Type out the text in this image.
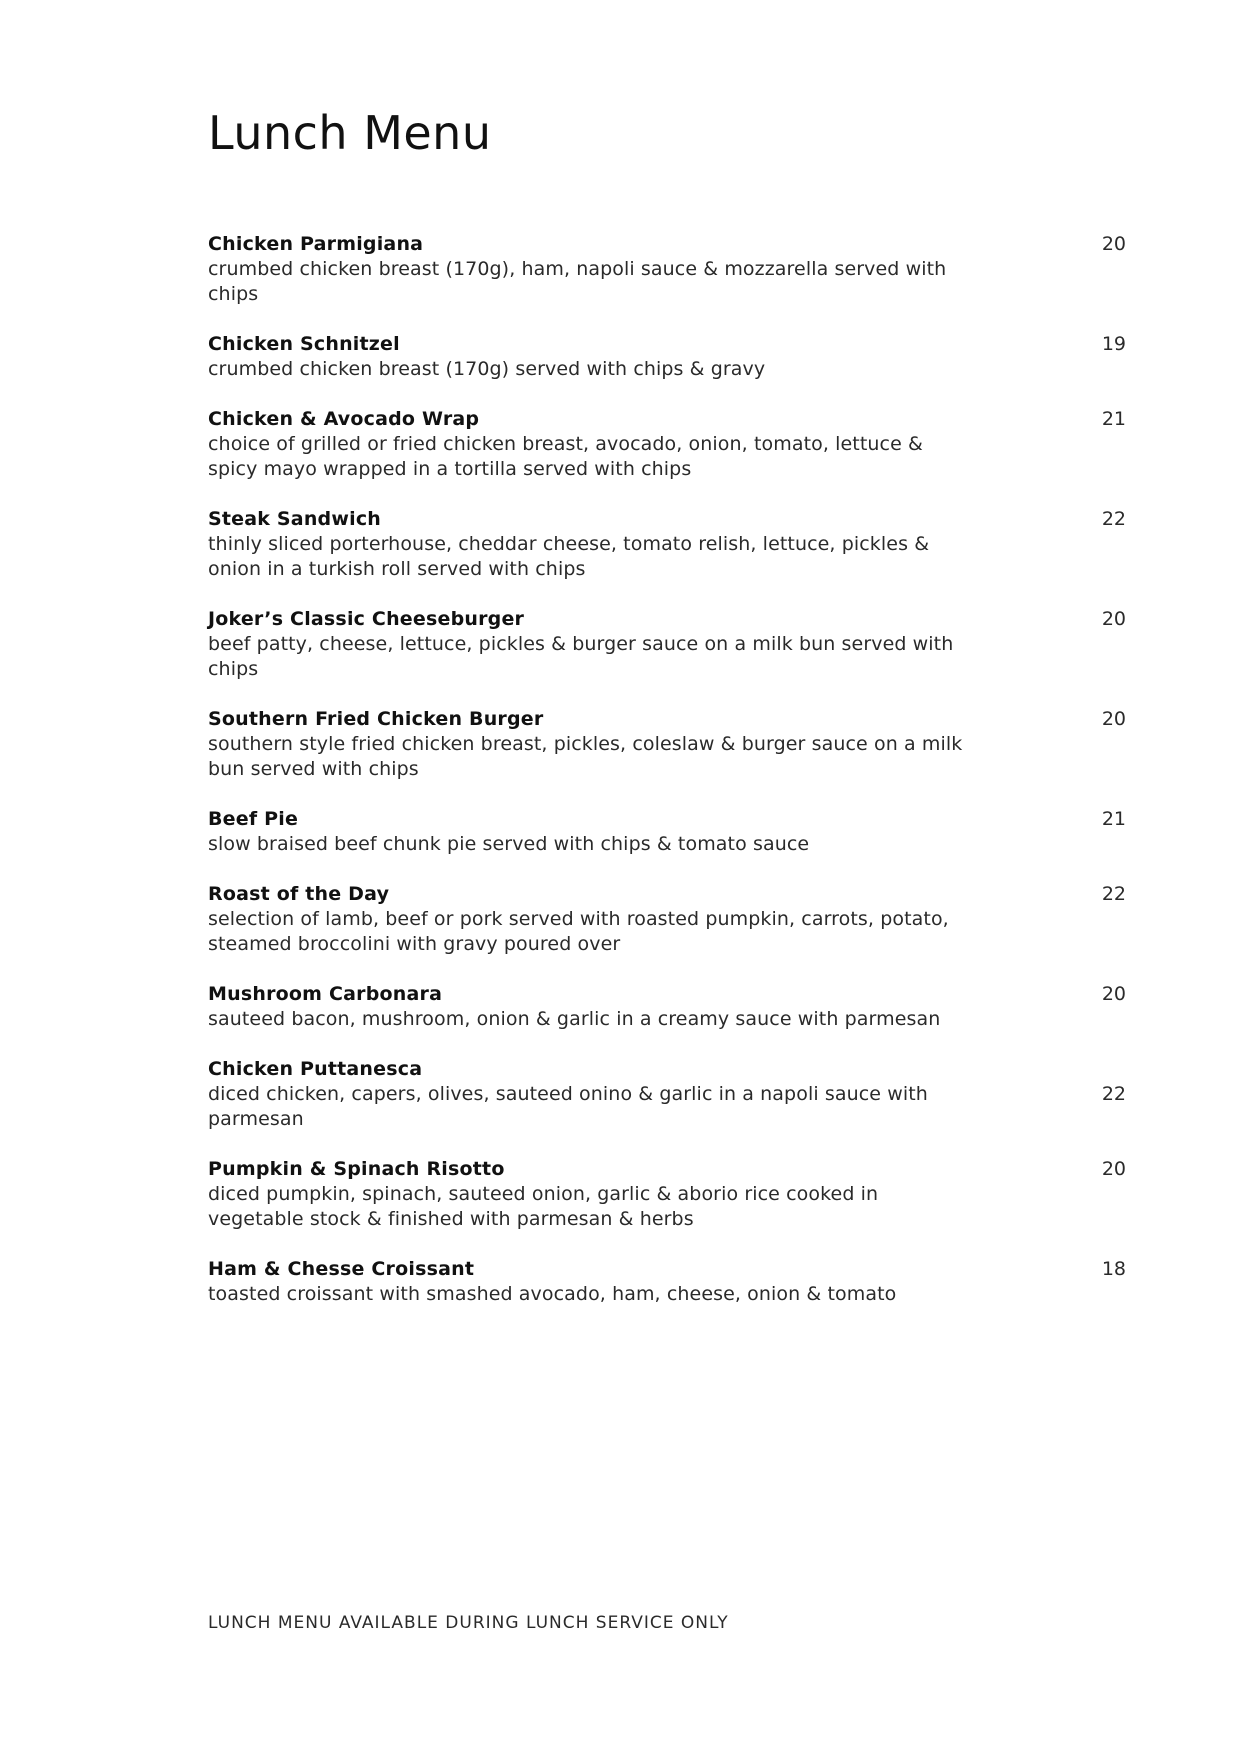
Lunch Menu
Chicken Parmigiana
crumbed chicken breast (170g), ham, napoli sauce & mozzarella served with chips
20
Chicken Schnitzel
crumbed chicken breast (170g) served with chips & gravy
19
Chicken & Avocado Wrap
choice of grilled or fried chicken breast, avocado, onion, tomato, lettuce & spicy mayo wrapped in a tortilla served with chips
21
Steak Sandwich
thinly sliced porterhouse, cheddar cheese, tomato relish, lettuce, pickles & onion in a turkish roll served with chips
22
Joker’s Classic Cheeseburger
beef patty, cheese, lettuce, pickles & burger sauce on a milk bun served with chips
20
Southern Fried Chicken Burger
southern style fried chicken breast, pickles, coleslaw & burger sauce on a milk bun served with chips
20
Beef Pie
slow braised beef chunk pie served with chips & tomato sauce
21
Roast of the Day
selection of lamb, beef or pork served with roasted pumpkin, carrots, potato, steamed broccolini with gravy poured over
22
Mushroom Carbonara
sauteed bacon, mushroom, onion & garlic in a creamy sauce with parmesan
20
Chicken Puttanesca
diced chicken, capers, olives, sauteed onino & garlic in a napoli sauce with parmesan
22
Pumpkin & Spinach Risotto
diced pumpkin, spinach, sauteed onion, garlic & aborio rice cooked in vegetable stock & finished with parmesan & herbs
20
Ham & Chesse Croissant
toasted croissant with smashed avocado, ham, cheese, onion & tomato
18

LUNCH MENU AVAILABLE DURING LUNCH SERVICE ONLY
